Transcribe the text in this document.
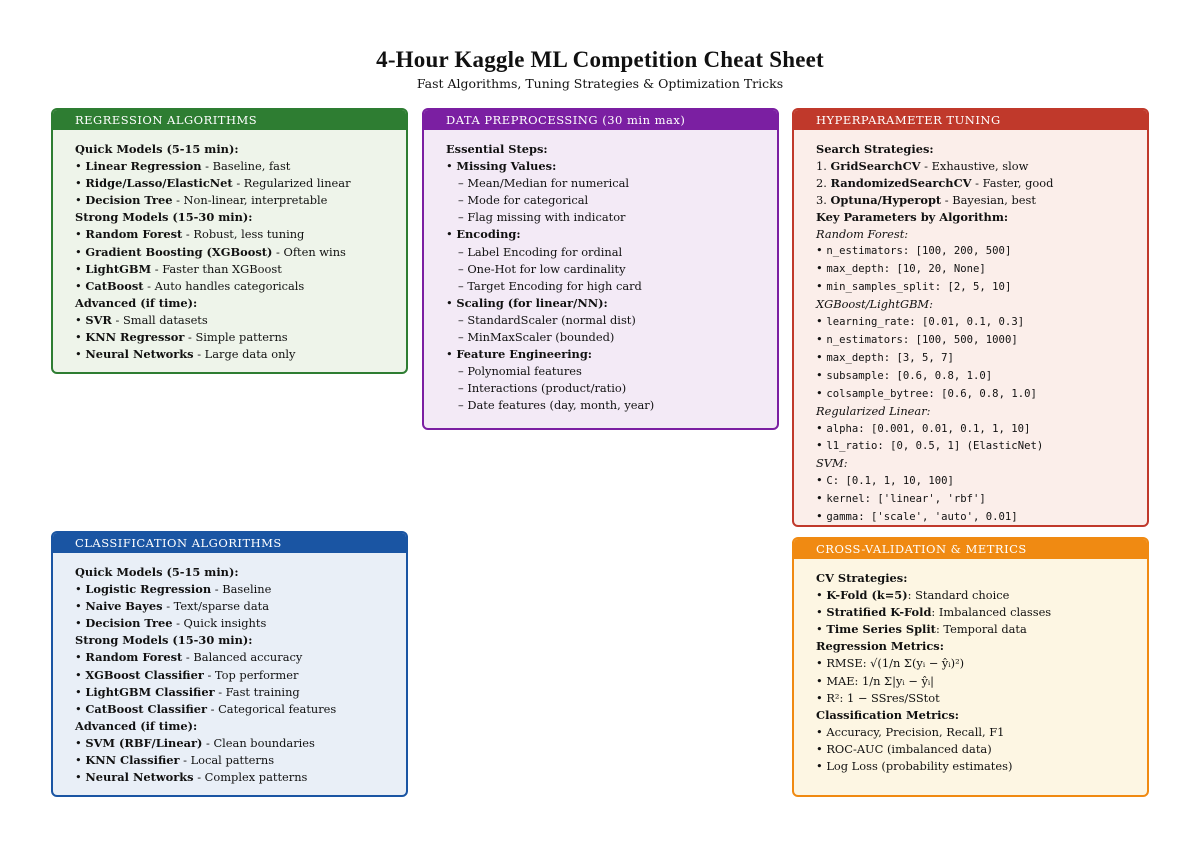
4-Hour Kaggle ML Competition Cheat Sheet
Fast Algorithms, Tuning Strategies & Optimization Tricks
REGRESSION ALGORITHMS
Quick Models (5-15 min):
• Linear Regression - Baseline, fast
• Ridge/Lasso/ElasticNet - Regularized linear
• Decision Tree - Non-linear, interpretable
Strong Models (15-30 min):
• Random Forest - Robust, less tuning
• Gradient Boosting (XGBoost) - Often wins
• LightGBM - Faster than XGBoost
• CatBoost - Auto handles categoricals
Advanced (if time):
• SVR - Small datasets
• KNN Regressor - Simple patterns
• Neural Networks - Large data only
DATA PREPROCESSING (30 min max)
Essential Steps:
• Missing Values:
– Mean/Median for numerical
– Mode for categorical
– Flag missing with indicator
• Encoding:
– Label Encoding for ordinal
– One-Hot for low cardinality
– Target Encoding for high card
• Scaling (for linear/NN):
– StandardScaler (normal dist)
– MinMaxScaler (bounded)
• Feature Engineering:
– Polynomial features
– Interactions (product/ratio)
– Date features (day, month, year)
HYPERPARAMETER TUNING
Search Strategies:
1. GridSearchCV - Exhaustive, slow
2. RandomizedSearchCV - Faster, good
3. Optuna/Hyperopt - Bayesian, best
Key Parameters by Algorithm:
Random Forest:
• n_estimators: [100, 200, 500]
• max_depth: [10, 20, None]
• min_samples_split: [2, 5, 10]
XGBoost/LightGBM:
• learning_rate: [0.01, 0.1, 0.3]
• n_estimators: [100, 500, 1000]
• max_depth: [3, 5, 7]
• subsample: [0.6, 0.8, 1.0]
• colsample_bytree: [0.6, 0.8, 1.0]
Regularized Linear:
• alpha: [0.001, 0.01, 0.1, 1, 10]
• l1_ratio: [0, 0.5, 1] (ElasticNet)
SVM:
• C: [0.1, 1, 10, 100]
• kernel: ['linear', 'rbf']
• gamma: ['scale', 'auto', 0.01]
CLASSIFICATION ALGORITHMS
Quick Models (5-15 min):
• Logistic Regression - Baseline
• Naive Bayes - Text/sparse data
• Decision Tree - Quick insights
Strong Models (15-30 min):
• Random Forest - Balanced accuracy
• XGBoost Classifier - Top performer
• LightGBM Classifier - Fast training
• CatBoost Classifier - Categorical features
Advanced (if time):
• SVM (RBF/Linear) - Clean boundaries
• KNN Classifier - Local patterns
• Neural Networks - Complex patterns
CROSS-VALIDATION & METRICS
CV Strategies:
• K-Fold (k=5): Standard choice
• Stratified K-Fold: Imbalanced classes
• Time Series Split: Temporal data
Regression Metrics:
• RMSE: √(1/n Σ(yᵢ − ŷᵢ)²)
• MAE: 1/n Σ|yᵢ − ŷᵢ|
• R²: 1 − SSres/SStot
Classification Metrics:
• Accuracy, Precision, Recall, F1
• ROC-AUC (imbalanced data)
• Log Loss (probability estimates)
